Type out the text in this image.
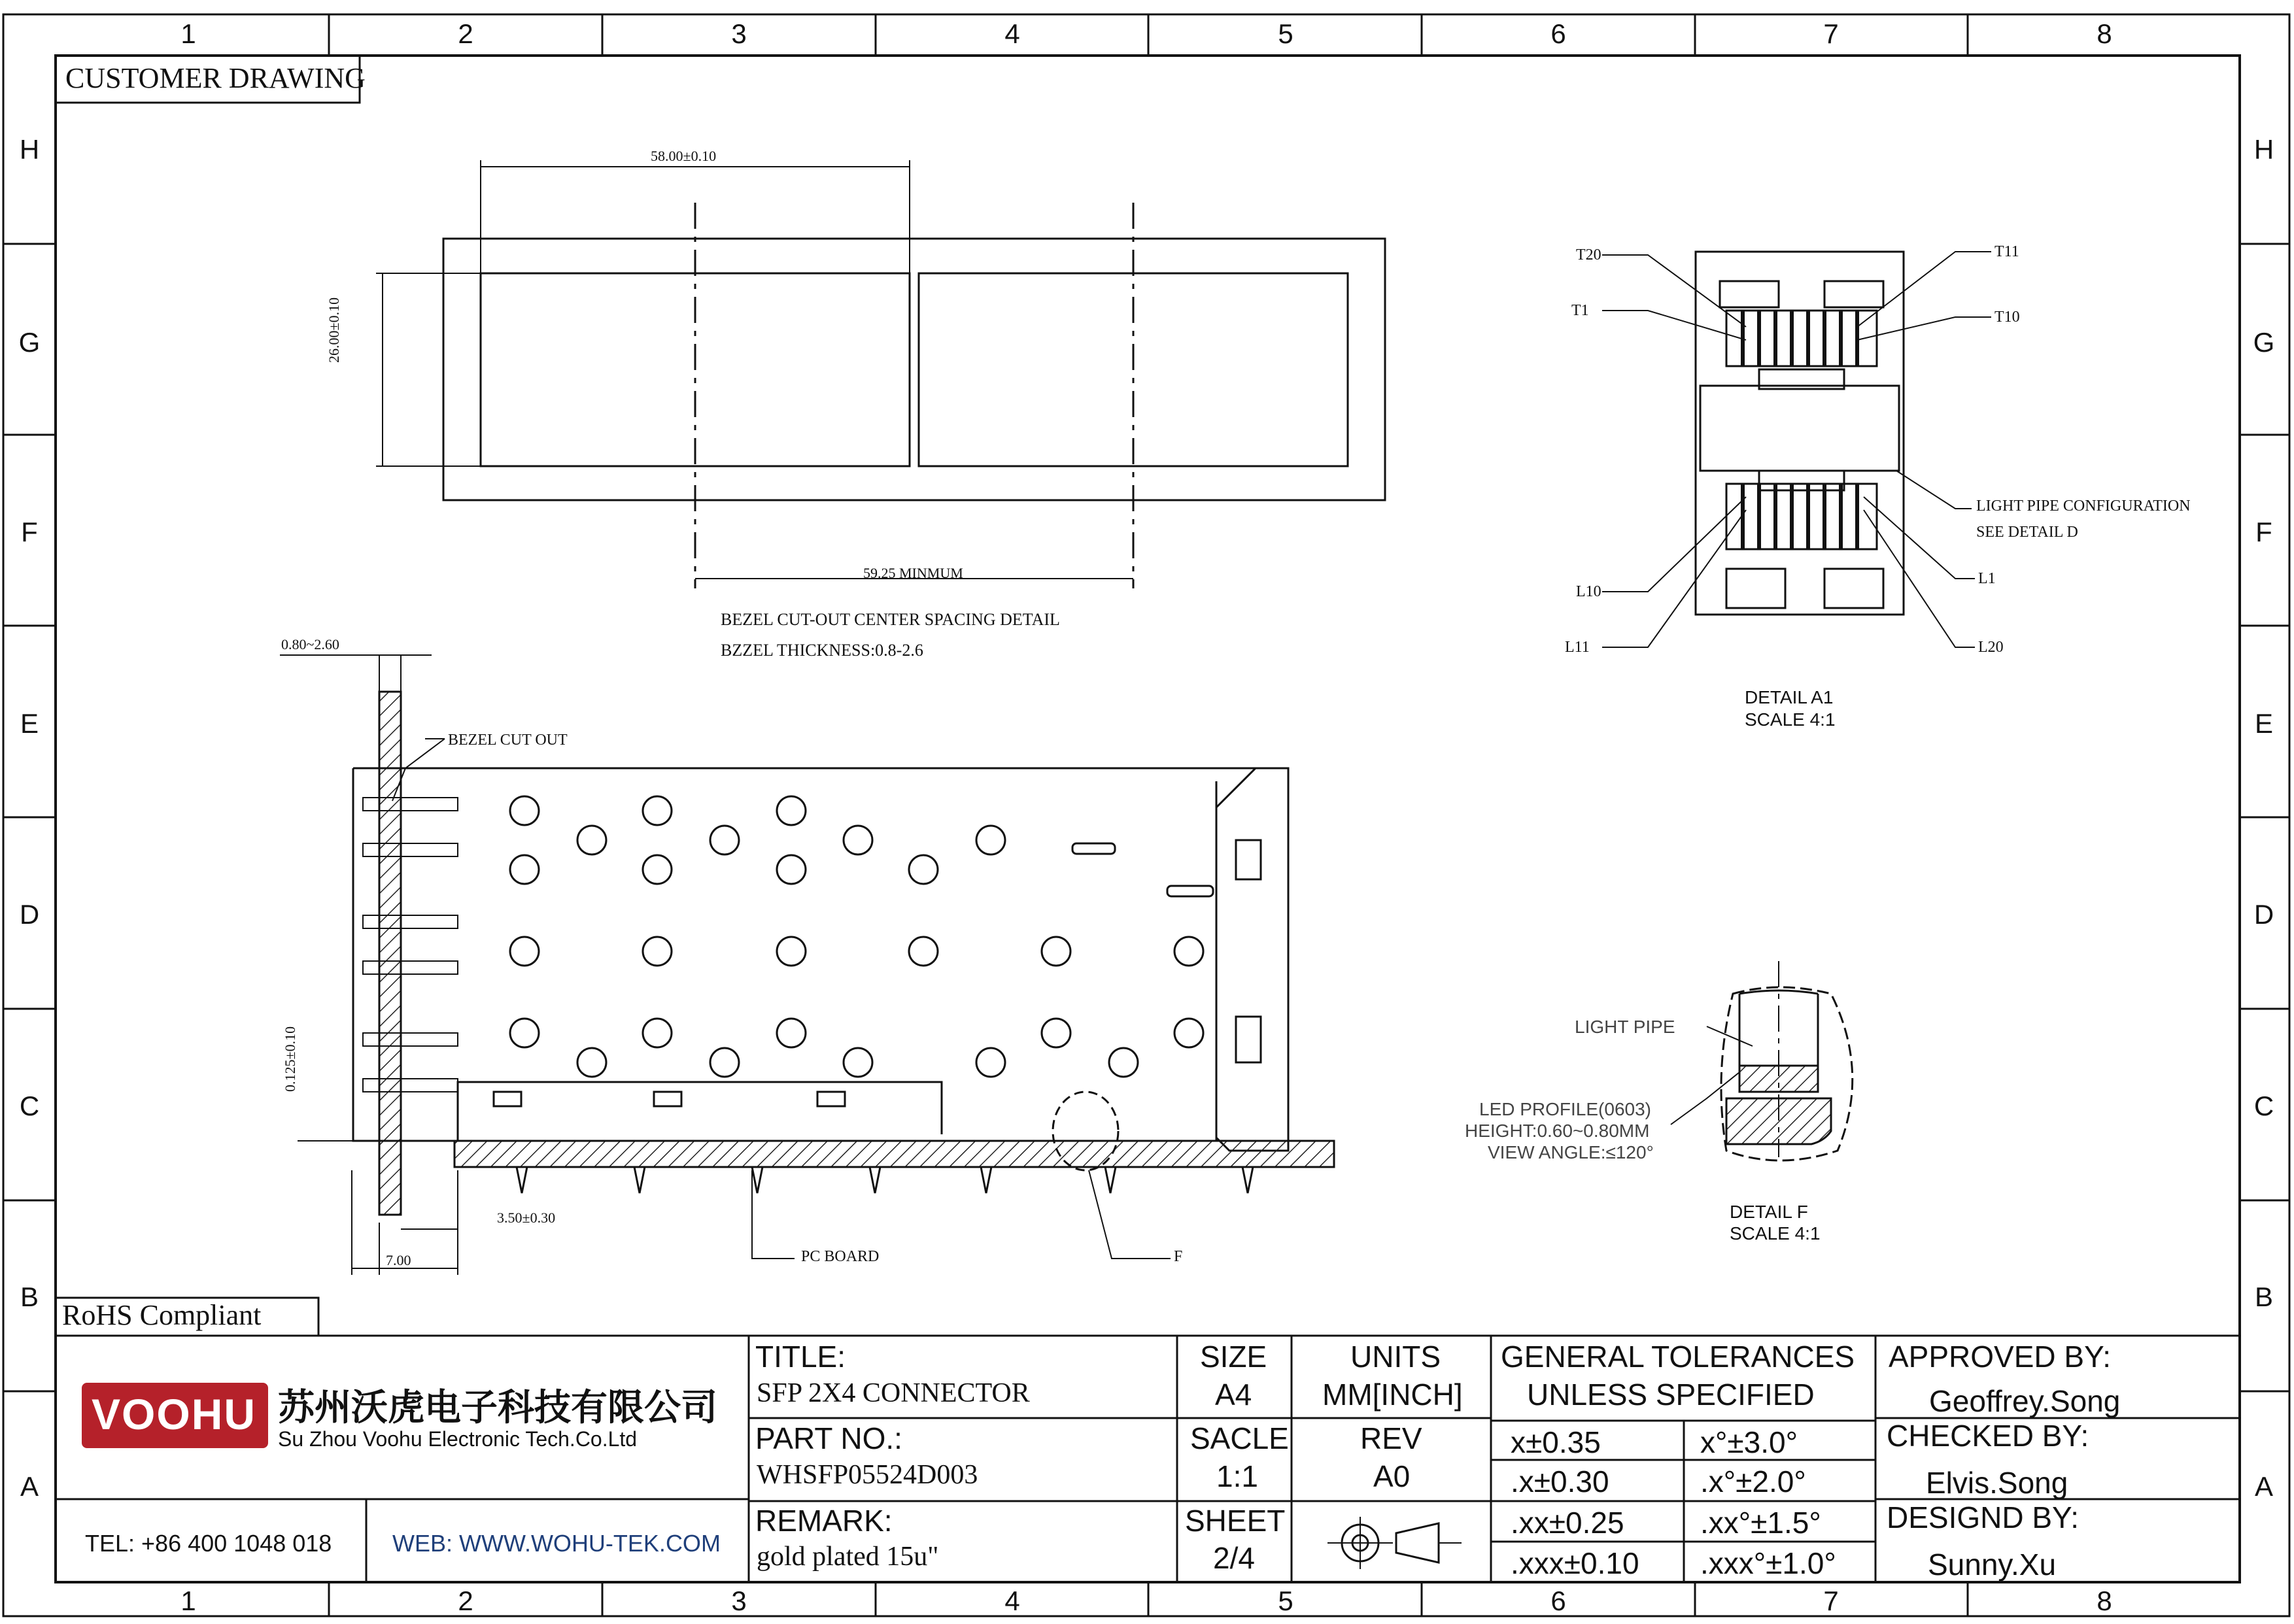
1	2	3	4	5	6	7	8
1	2	3	4	5	6	7	8
H
G
F
E
D
C
B
A
H
G
F
E
D
C
B
A
CUSTOMER DRAWING
58.00±0.10
26.00±0.10
59.25 MINMUM
BEZEL CUT-OUT CENTER SPACING DETAIL
BZZEL THICKNESS:0.8-2.6
0.80~2.60
BEZEL CUT OUT
0.125±0.10
3.50±0.30
7.00	PC BOARD	F
T20
T1
T11
T10
L10
L11
L1
L20
LIGHT PIPE CONFIGURATION
SEE DETAIL D
DETAIL A1
SCALE 4:1
LIGHT PIPE
LED PROFILE(0603)
HEIGHT:0.60~0.80MM
VIEW ANGLE:≤120°
DETAIL F
SCALE 4:1
RoHS Compliant
VOOHU 苏州沃虎电子科技有限公司
Su Zhou Voohu Electronic Tech.Co.Ltd
TEL: +86 400 1048 018	WEB: WWW.WOHU-TEK.COM
TITLE:
SFP 2X4 CONNECTOR
PART NO.:
WHSFP05524D003
REMARK:
gold plated 15u"
SIZE
A4
UNITS
MM[INCH]
SACLE
1:1
REV
A0
SHEET
2/4
GENERAL TOLERANCES
UNLESS SPECIFIED
x±0.35	x°±3.0°
.x±0.30	.x°±2.0°
.xx±0.25	.xx°±1.5°
.xxx±0.10 .xxx°±1.0°
APPROVED BY:
Geoffrey.Song
CHECKED BY:
Elvis.Song
DESIGND BY:
Sunny.Xu
